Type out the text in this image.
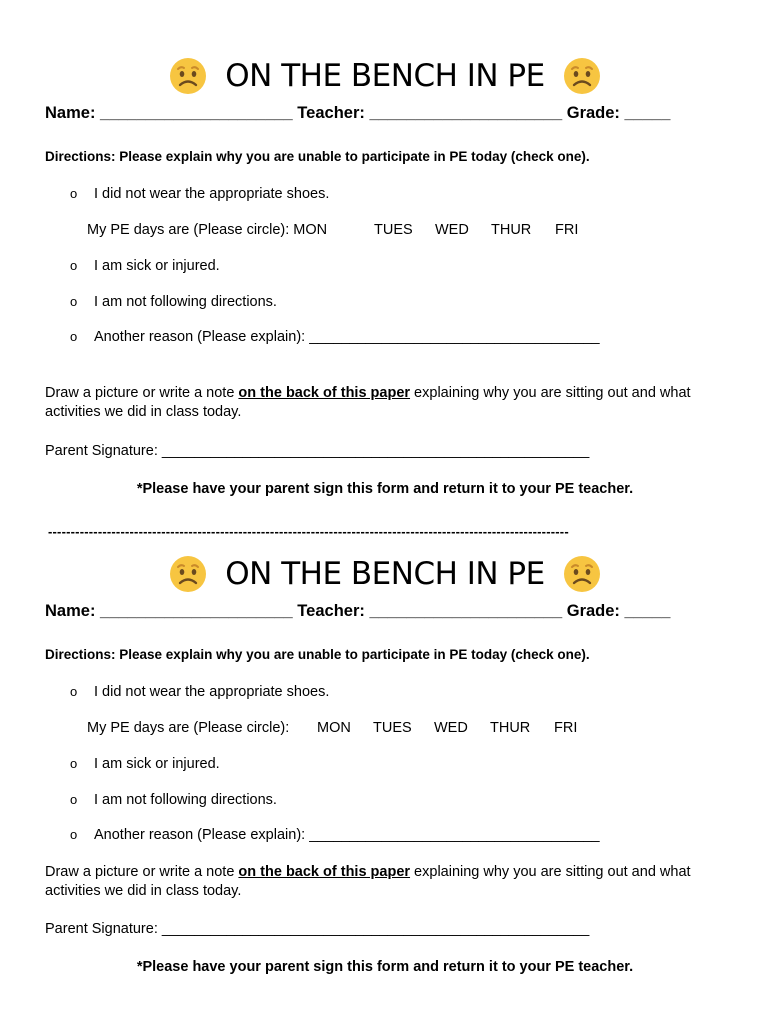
ON THE BENCH IN PE
Name: _____________________ Teacher: _____________________ Grade: _____
Directions: Please explain why you are unable to participate in PE today (check one).
o I did not wear the appropriate shoes.
My PE days are (Please circle): MON	TUES WED THUR FRI
o I am sick or injured.
o I am not following directions.
o Another reason (Please explain): ____________________________________
Draw a picture or write a note on the back of this paper explaining why you are sitting out and what activities we did in class today.
Parent Signature: _____________________________________________________
*Please have your parent sign this form and return it to your PE teacher.
-------------------------------------------------------------------------------------------------------------------
ON THE BENCH IN PE
Name: _____________________ Teacher: _____________________ Grade: _____
Directions: Please explain why you are unable to participate in PE today (check one).
o I did not wear the appropriate shoes.
My PE days are (Please circle): MON TUES WED THUR FRI
o I am sick or injured.
o I am not following directions.
o Another reason (Please explain): ____________________________________
Draw a picture or write a note on the back of this paper explaining why you are sitting out and what activities we did in class today.
Parent Signature: _____________________________________________________
*Please have your parent sign this form and return it to your PE teacher.
